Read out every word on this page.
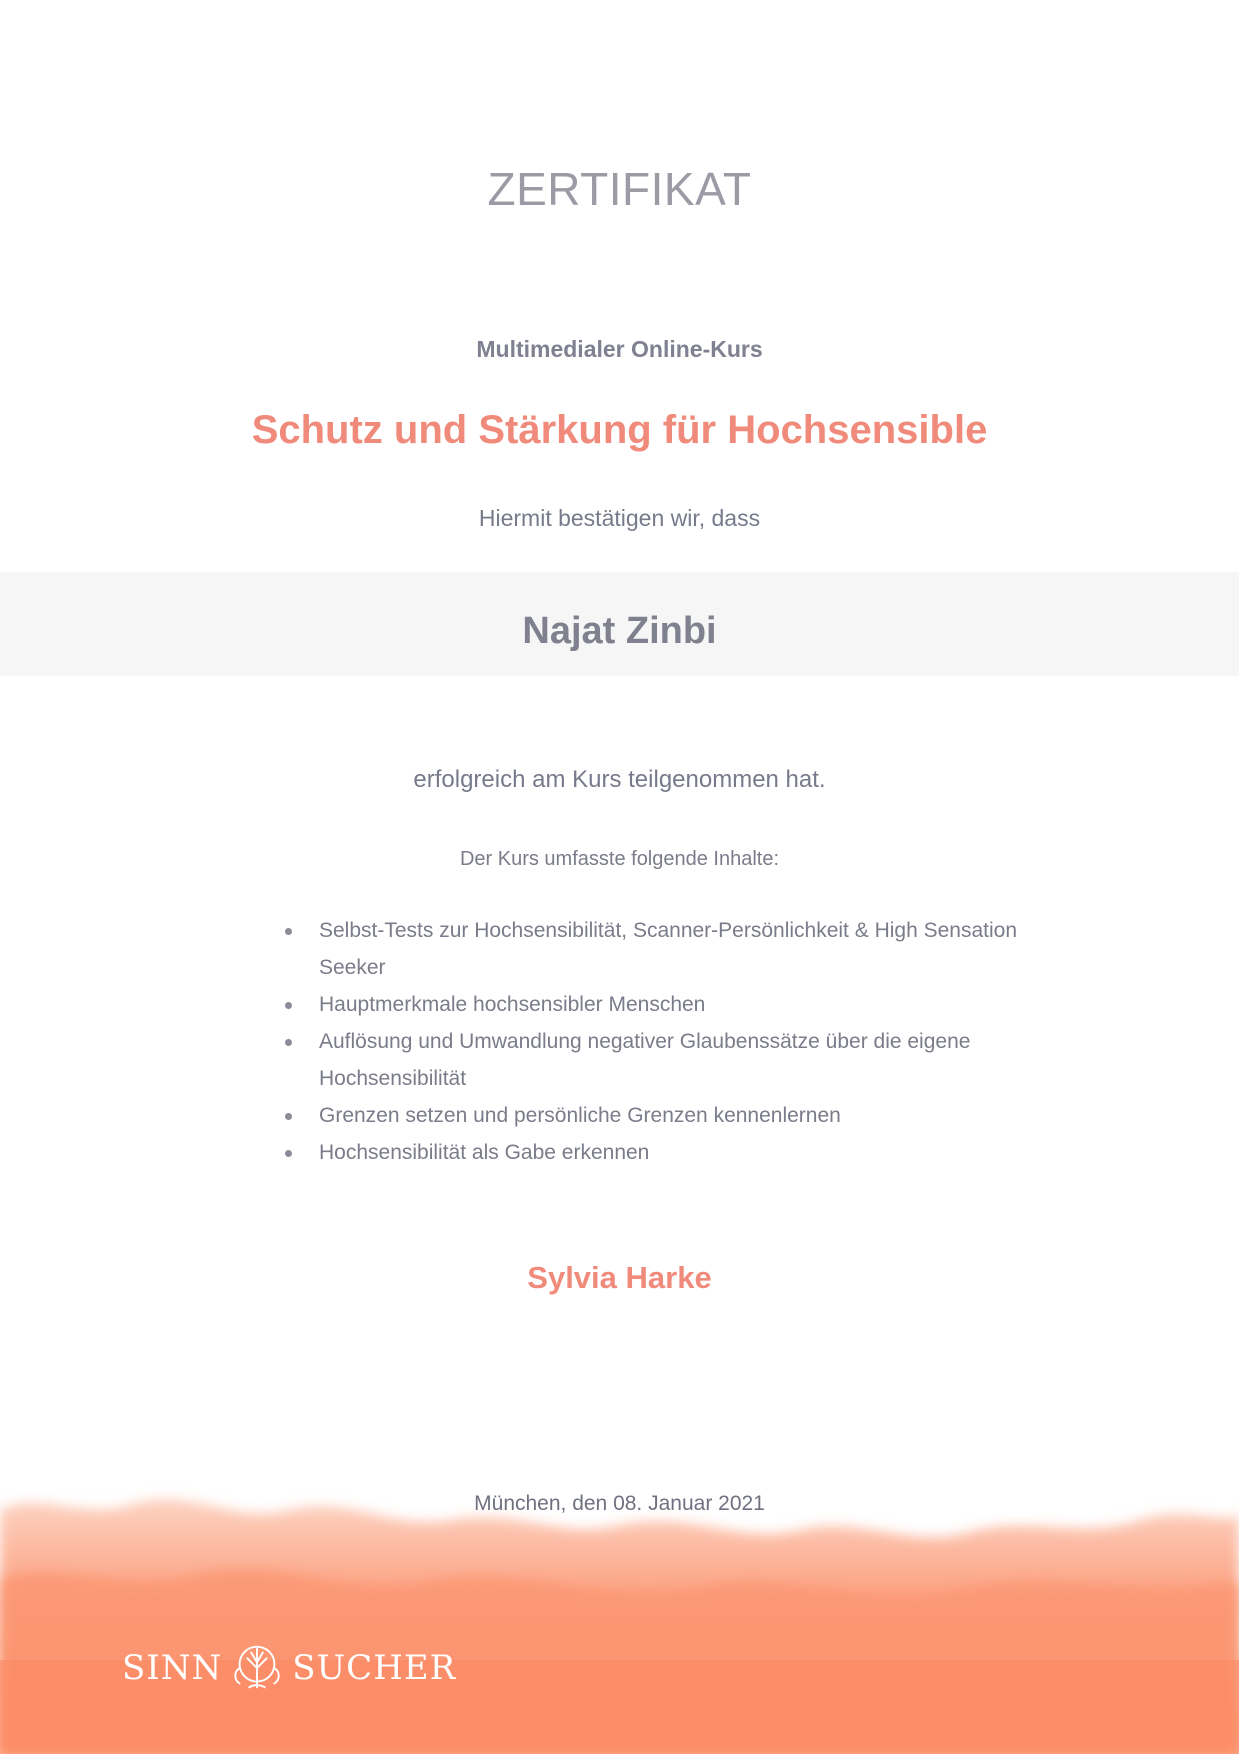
ZERTIFIKAT
Multimedialer Online-Kurs
Schutz und Stärkung für Hochsensible
Hiermit bestätigen wir, dass
Najat Zinbi
erfolgreich am Kurs teilgenommen hat.
Der Kurs umfasste folgende Inhalte:
Selbst-Tests zur Hochsensibilität, Scanner-Persönlichkeit & High Sensation Seeker
Hauptmerkmale hochsensibler Menschen
Auflösung und Umwandlung negativer Glaubenssätze über die eigene Hochsensibilität
Grenzen setzen und persönliche Grenzen kennenlernen
Hochsensibilität als Gabe erkennen
Sylvia Harke
München, den 08. Januar 2021
SINN SUCHER
